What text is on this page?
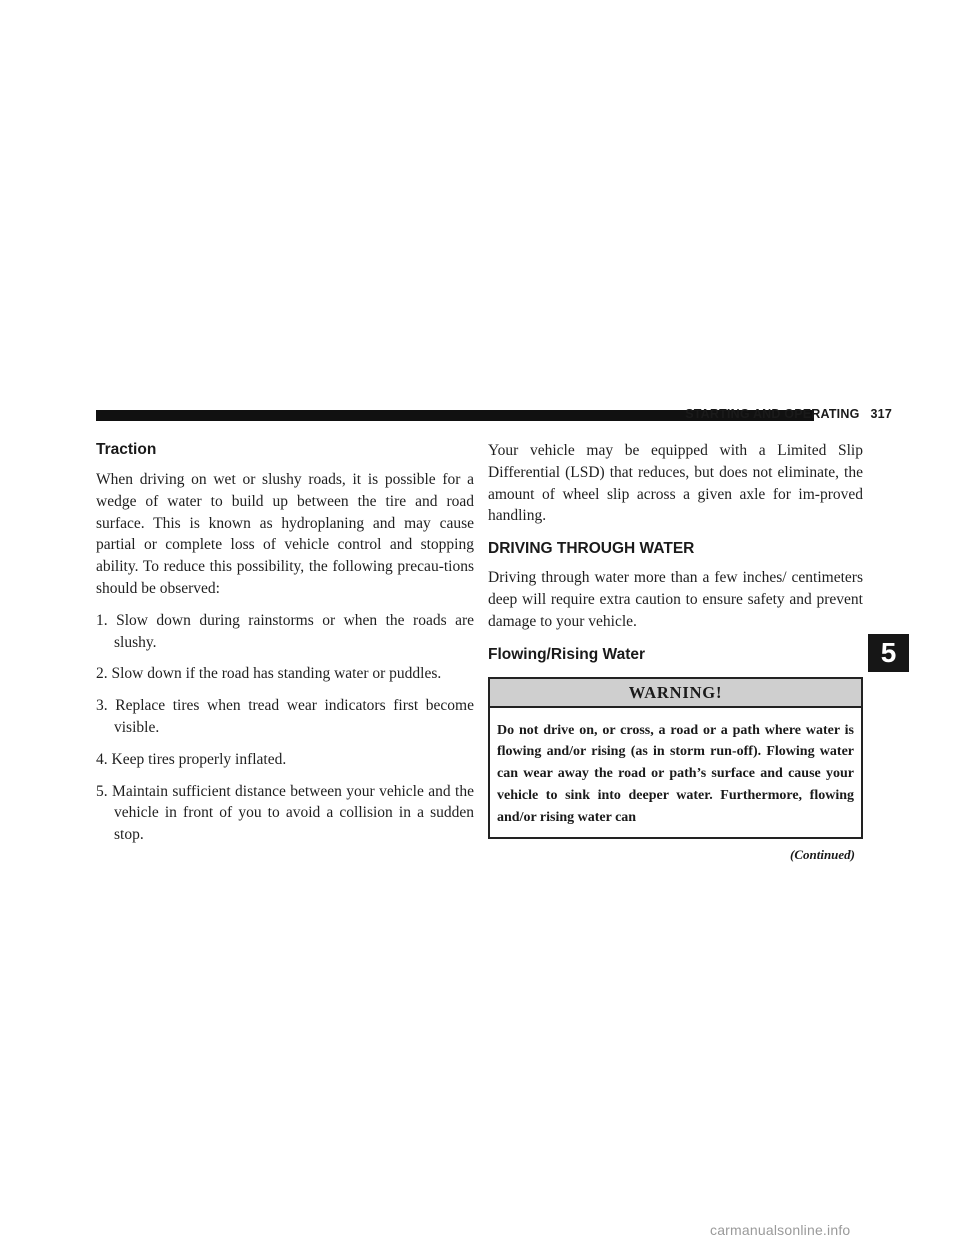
STARTING AND OPERATING 317
Traction

When driving on wet or slushy roads, it is possible for a wedge of water to build up between the tire and road surface. This is known as hydroplaning and may cause partial or complete loss of vehicle control and stopping ability. To reduce this possibility, the following precau-tions should be observed:

1. Slow down during rainstorms or when the roads are slushy.
2. Slow down if the road has standing water or puddles.
3. Replace tires when tread wear indicators first become visible.
4. Keep tires properly inflated.
5. Maintain sufficient distance between your vehicle and the vehicle in front of you to avoid a collision in a sudden stop.

Your vehicle may be equipped with a Limited Slip Differential (LSD) that reduces, but does not eliminate, the amount of wheel slip across a given axle for im-proved handling.

DRIVING THROUGH WATER

Driving through water more than a few inches/ centimeters deep will require extra caution to ensure safety and prevent damage to your vehicle.

Flowing/Rising Water
WARNING!
Do not drive on, or cross, a road or a path where water is flowing and/or rising (as in storm run-off). Flowing water can wear away the road or path’s surface and cause your vehicle to sink into deeper water. Furthermore, flowing and/or rising water can
(Continued)
5
carmanualsonline.info
